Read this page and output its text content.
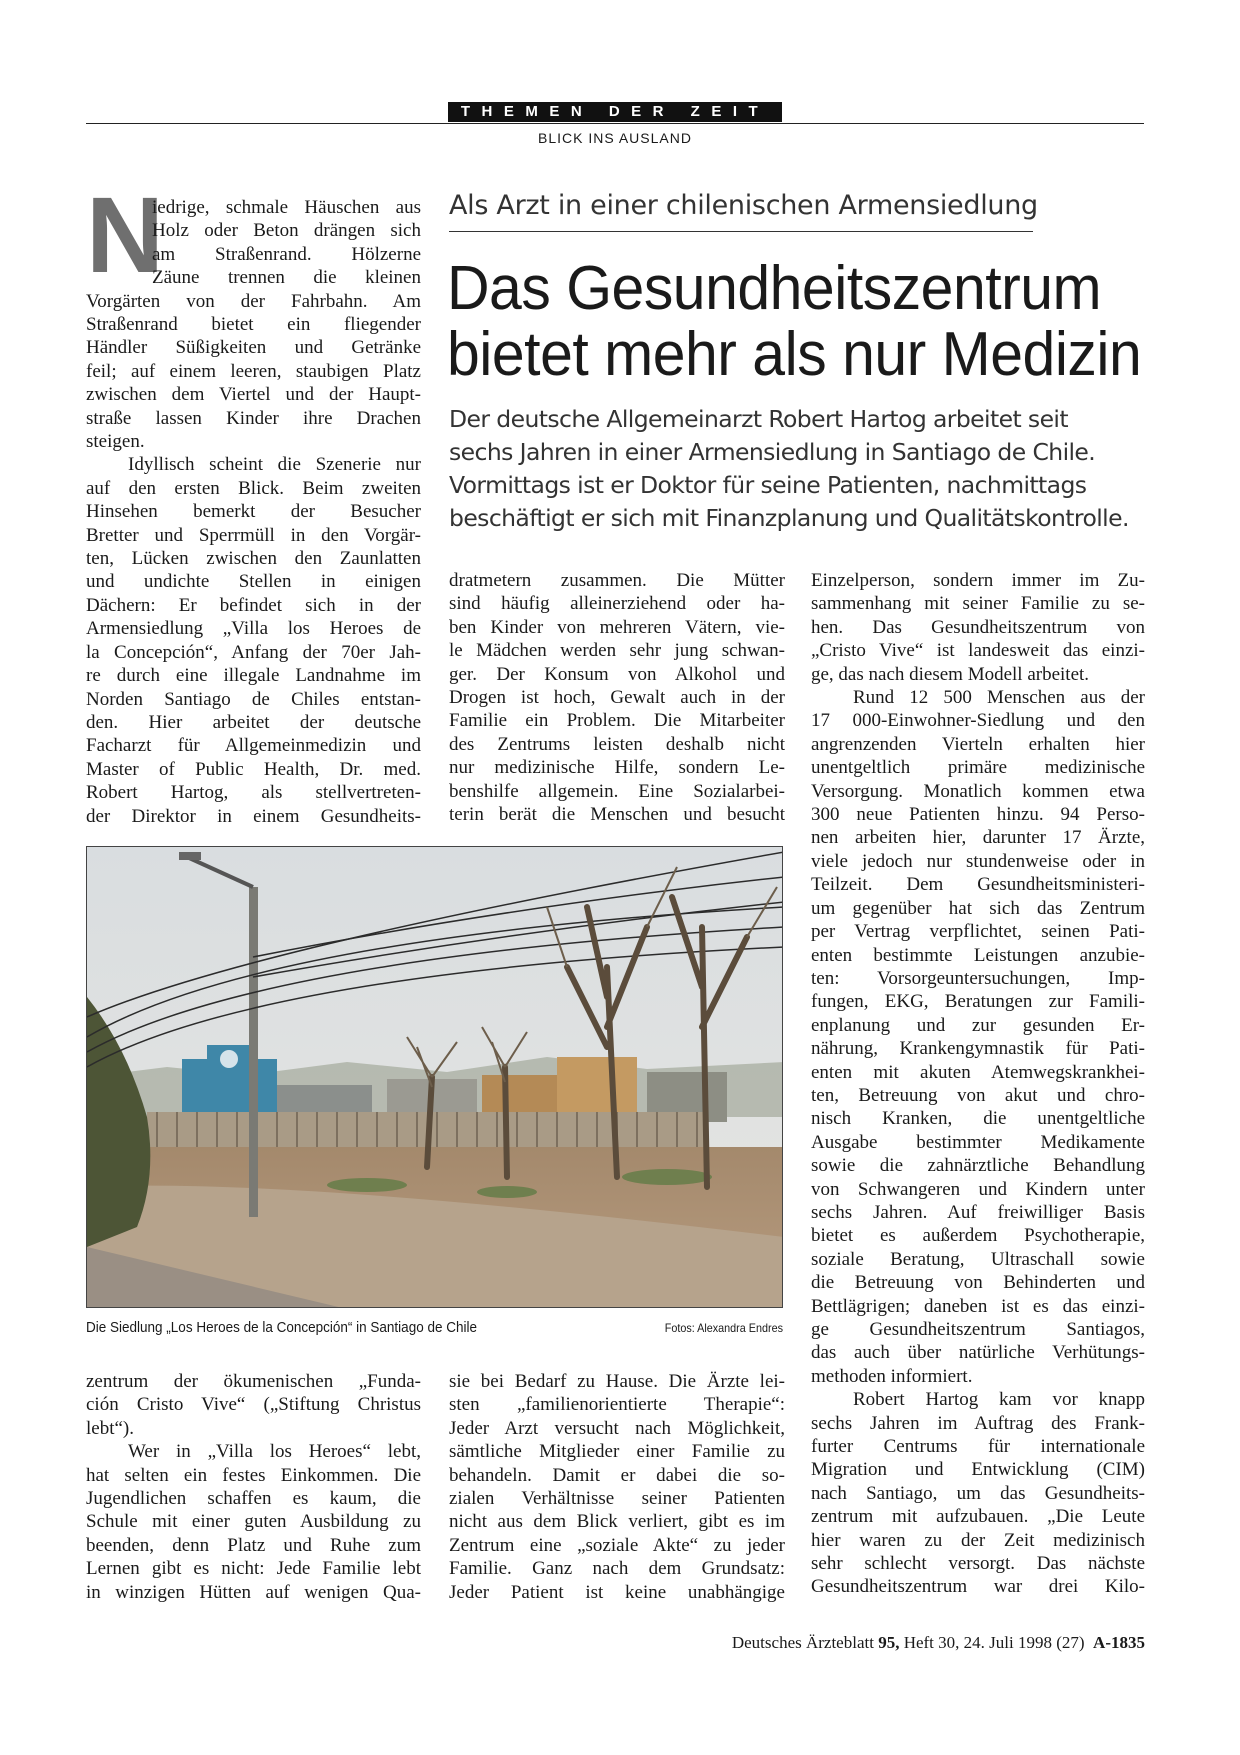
THEMEN DER ZEIT
BLICK INS AUSLAND
N
iedrige, schmale Häuschen aus
Holz oder Beton drängen sich
am Straßenrand. Hölzerne
Zäune trennen die kleinen
Vorgärten von der Fahrbahn. Am
Straßenrand bietet ein fliegender
Händler Süßigkeiten und Getränke
feil; auf einem leeren, staubigen Platz
zwischen dem Viertel und der Haupt-
straße lassen Kinder ihre Drachen
steigen.
Idyllisch scheint die Szenerie nur
auf den ersten Blick. Beim zweiten
Hinsehen bemerkt der Besucher
Bretter und Sperrmüll in den Vorgär-
ten, Lücken zwischen den Zaunlatten
und undichte Stellen in einigen
Dächern: Er befindet sich in der
Armensiedlung „Villa los Heroes de
la Concepción“, Anfang der 70er Jah-
re durch eine illegale Landnahme im
Norden Santiago de Chiles entstan-
den. Hier arbeitet der deutsche
Facharzt für Allgemeinmedizin und
Master of Public Health, Dr. med.
Robert Hartog, als stellvertreten-
der Direktor in einem Gesundheits-
zentrum der ökumenischen „Funda-
ción Cristo Vive“ („Stiftung Christus
lebt“).
Wer in „Villa los Heroes“ lebt,
hat selten ein festes Einkommen. Die
Jugendlichen schaffen es kaum, die
Schule mit einer guten Ausbildung zu
beenden, denn Platz und Ruhe zum
Lernen gibt es nicht: Jede Familie lebt
in winzigen Hütten auf wenigen Qua-
Als Arzt in einer chilenischen Armensiedlung
Das Gesundheitszentrum
bietet mehr als nur Medizin
Der deutsche Allgemeinarzt Robert Hartog arbeitet seit
sechs Jahren in einer Armensiedlung in Santiago de Chile.
Vormittags ist er Doktor für seine Patienten, nachmittags
beschäftigt er sich mit Finanzplanung und Qualitätskontrolle.
dratmetern zusammen. Die Mütter
sind häufig alleinerziehend oder ha-
ben Kinder von mehreren Vätern, vie-
le Mädchen werden sehr jung schwan-
ger. Der Konsum von Alkohol und
Drogen ist hoch, Gewalt auch in der
Familie ein Problem. Die Mitarbeiter
des Zentrums leisten deshalb nicht
nur medizinische Hilfe, sondern Le-
benshilfe allgemein. Eine Sozialarbei-
terin berät die Menschen und besucht
sie bei Bedarf zu Hause. Die Ärzte lei-
sten „familienorientierte Therapie“:
Jeder Arzt versucht nach Möglichkeit,
sämtliche Mitglieder einer Familie zu
behandeln. Damit er dabei die so-
zialen Verhältnisse seiner Patienten
nicht aus dem Blick verliert, gibt es im
Zentrum eine „soziale Akte“ zu jeder
Familie. Ganz nach dem Grundsatz:
Jeder Patient ist keine unabhängige
Einzelperson, sondern immer im Zu-
sammenhang mit seiner Familie zu se-
hen. Das Gesundheitszentrum von
„Cristo Vive“ ist landesweit das einzi-
ge, das nach diesem Modell arbeitet.
Rund 12 500 Menschen aus der
17 000-Einwohner-Siedlung und den
angrenzenden Vierteln erhalten hier
unentgeltlich primäre medizinische
Versorgung. Monatlich kommen etwa
300 neue Patienten hinzu. 94 Perso-
nen arbeiten hier, darunter 17 Ärzte,
viele jedoch nur stundenweise oder in
Teilzeit. Dem Gesundheitsministeri-
um gegenüber hat sich das Zentrum
per Vertrag verpflichtet, seinen Pati-
enten bestimmte Leistungen anzubie-
ten: Vorsorgeuntersuchungen, Imp-
fungen, EKG, Beratungen zur Famili-
enplanung und zur gesunden Er-
nährung, Krankengymnastik für Pati-
enten mit akuten Atemwegskrankhei-
ten, Betreuung von akut und chro-
nisch Kranken, die unentgeltliche
Ausgabe bestimmter Medikamente
sowie die zahnärztliche Behandlung
von Schwangeren und Kindern unter
sechs Jahren. Auf freiwilliger Basis
bietet es außerdem Psychotherapie,
soziale Beratung, Ultraschall sowie
die Betreuung von Behinderten und
Bettlägrigen; daneben ist es das einzi-
ge Gesundheitszentrum Santiagos,
das auch über natürliche Verhütungs-
methoden informiert.
Robert Hartog kam vor knapp
sechs Jahren im Auftrag des Frank-
furter Centrums für internationale
Migration und Entwicklung (CIM)
nach Santiago, um das Gesundheits-
zentrum mit aufzubauen. „Die Leute
hier waren zu der Zeit medizinisch
sehr schlecht versorgt. Das nächste
Gesundheitszentrum war drei Kilo-
Die Siedlung „Los Heroes de la Concepción“ in Santiago de Chile	Fotos: Alexandra Endres
Deutsches Ärzteblatt 95, Heft 30, 24. Juli 1998 (27) A-1835
